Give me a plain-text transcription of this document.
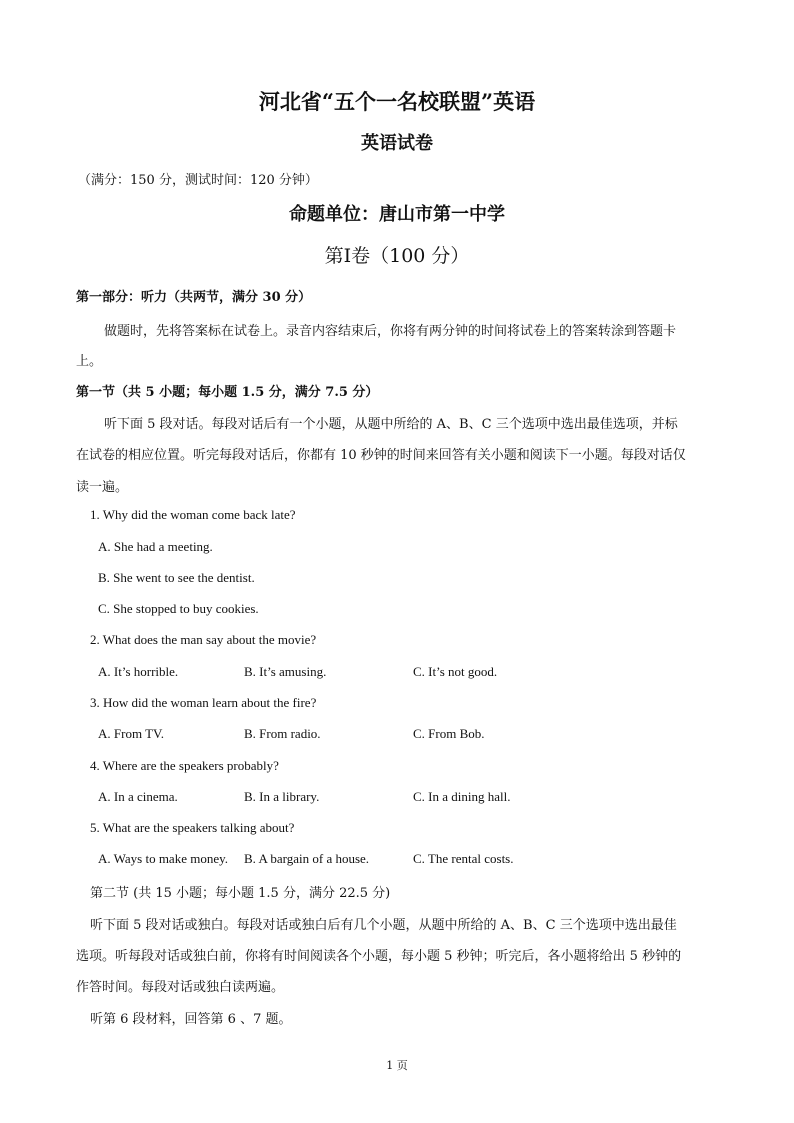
河北省“五个一名校联盟”英语
英语试卷
（满分：150 分，测试时间：120 分钟）
命题单位：唐山市第一中学
第Ⅰ卷（100 分）
第一部分：听力（共两节，满分 30 分）
做题时，先将答案标在试卷上。录音内容结束后，你将有两分钟的时间将试卷上的答案转涂到答题卡
上。
第一节（共 5 小题；每小题 1.5 分，满分 7.5 分）
听下面 5 段对话。每段对话后有一个小题，从题中所给的 A、B、C 三个选项中选出最佳选项，并标
在试卷的相应位置。听完每段对话后，你都有 10 秒钟的时间来回答有关小题和阅读下一小题。每段对话仅
读一遍。
1. Why did the woman come back late?
A. She had a meeting.
B. She went to see the dentist.
C. She stopped to buy cookies.
2. What does the man say about the movie?
A. It’s horrible.	B. It’s amusing.	C. It’s not good.
3. How did the woman learn about the fire?
A. From TV.	B. From radio.	C. From Bob.
4. Where are the speakers probably?
A. In a cinema.	B. In a library.	C. In a dining hall.
5. What are the speakers talking about?
A. Ways to make money. B. A bargain of a house.	C. The rental costs.
第二节 (共 15 小题；每小题 1.5 分，满分 22.5 分)
听下面 5 段对话或独白。每段对话或独白后有几个小题，从题中所给的 A、B、C 三个选项中选出最佳
选项。听每段对话或独白前，你将有时间阅读各个小题，每小题 5 秒钟；听完后，各小题将给出 5 秒钟的
作答时间。每段对话或独白读两遍。
听第 6 段材料，回答第 6 、7 题。
1 页
